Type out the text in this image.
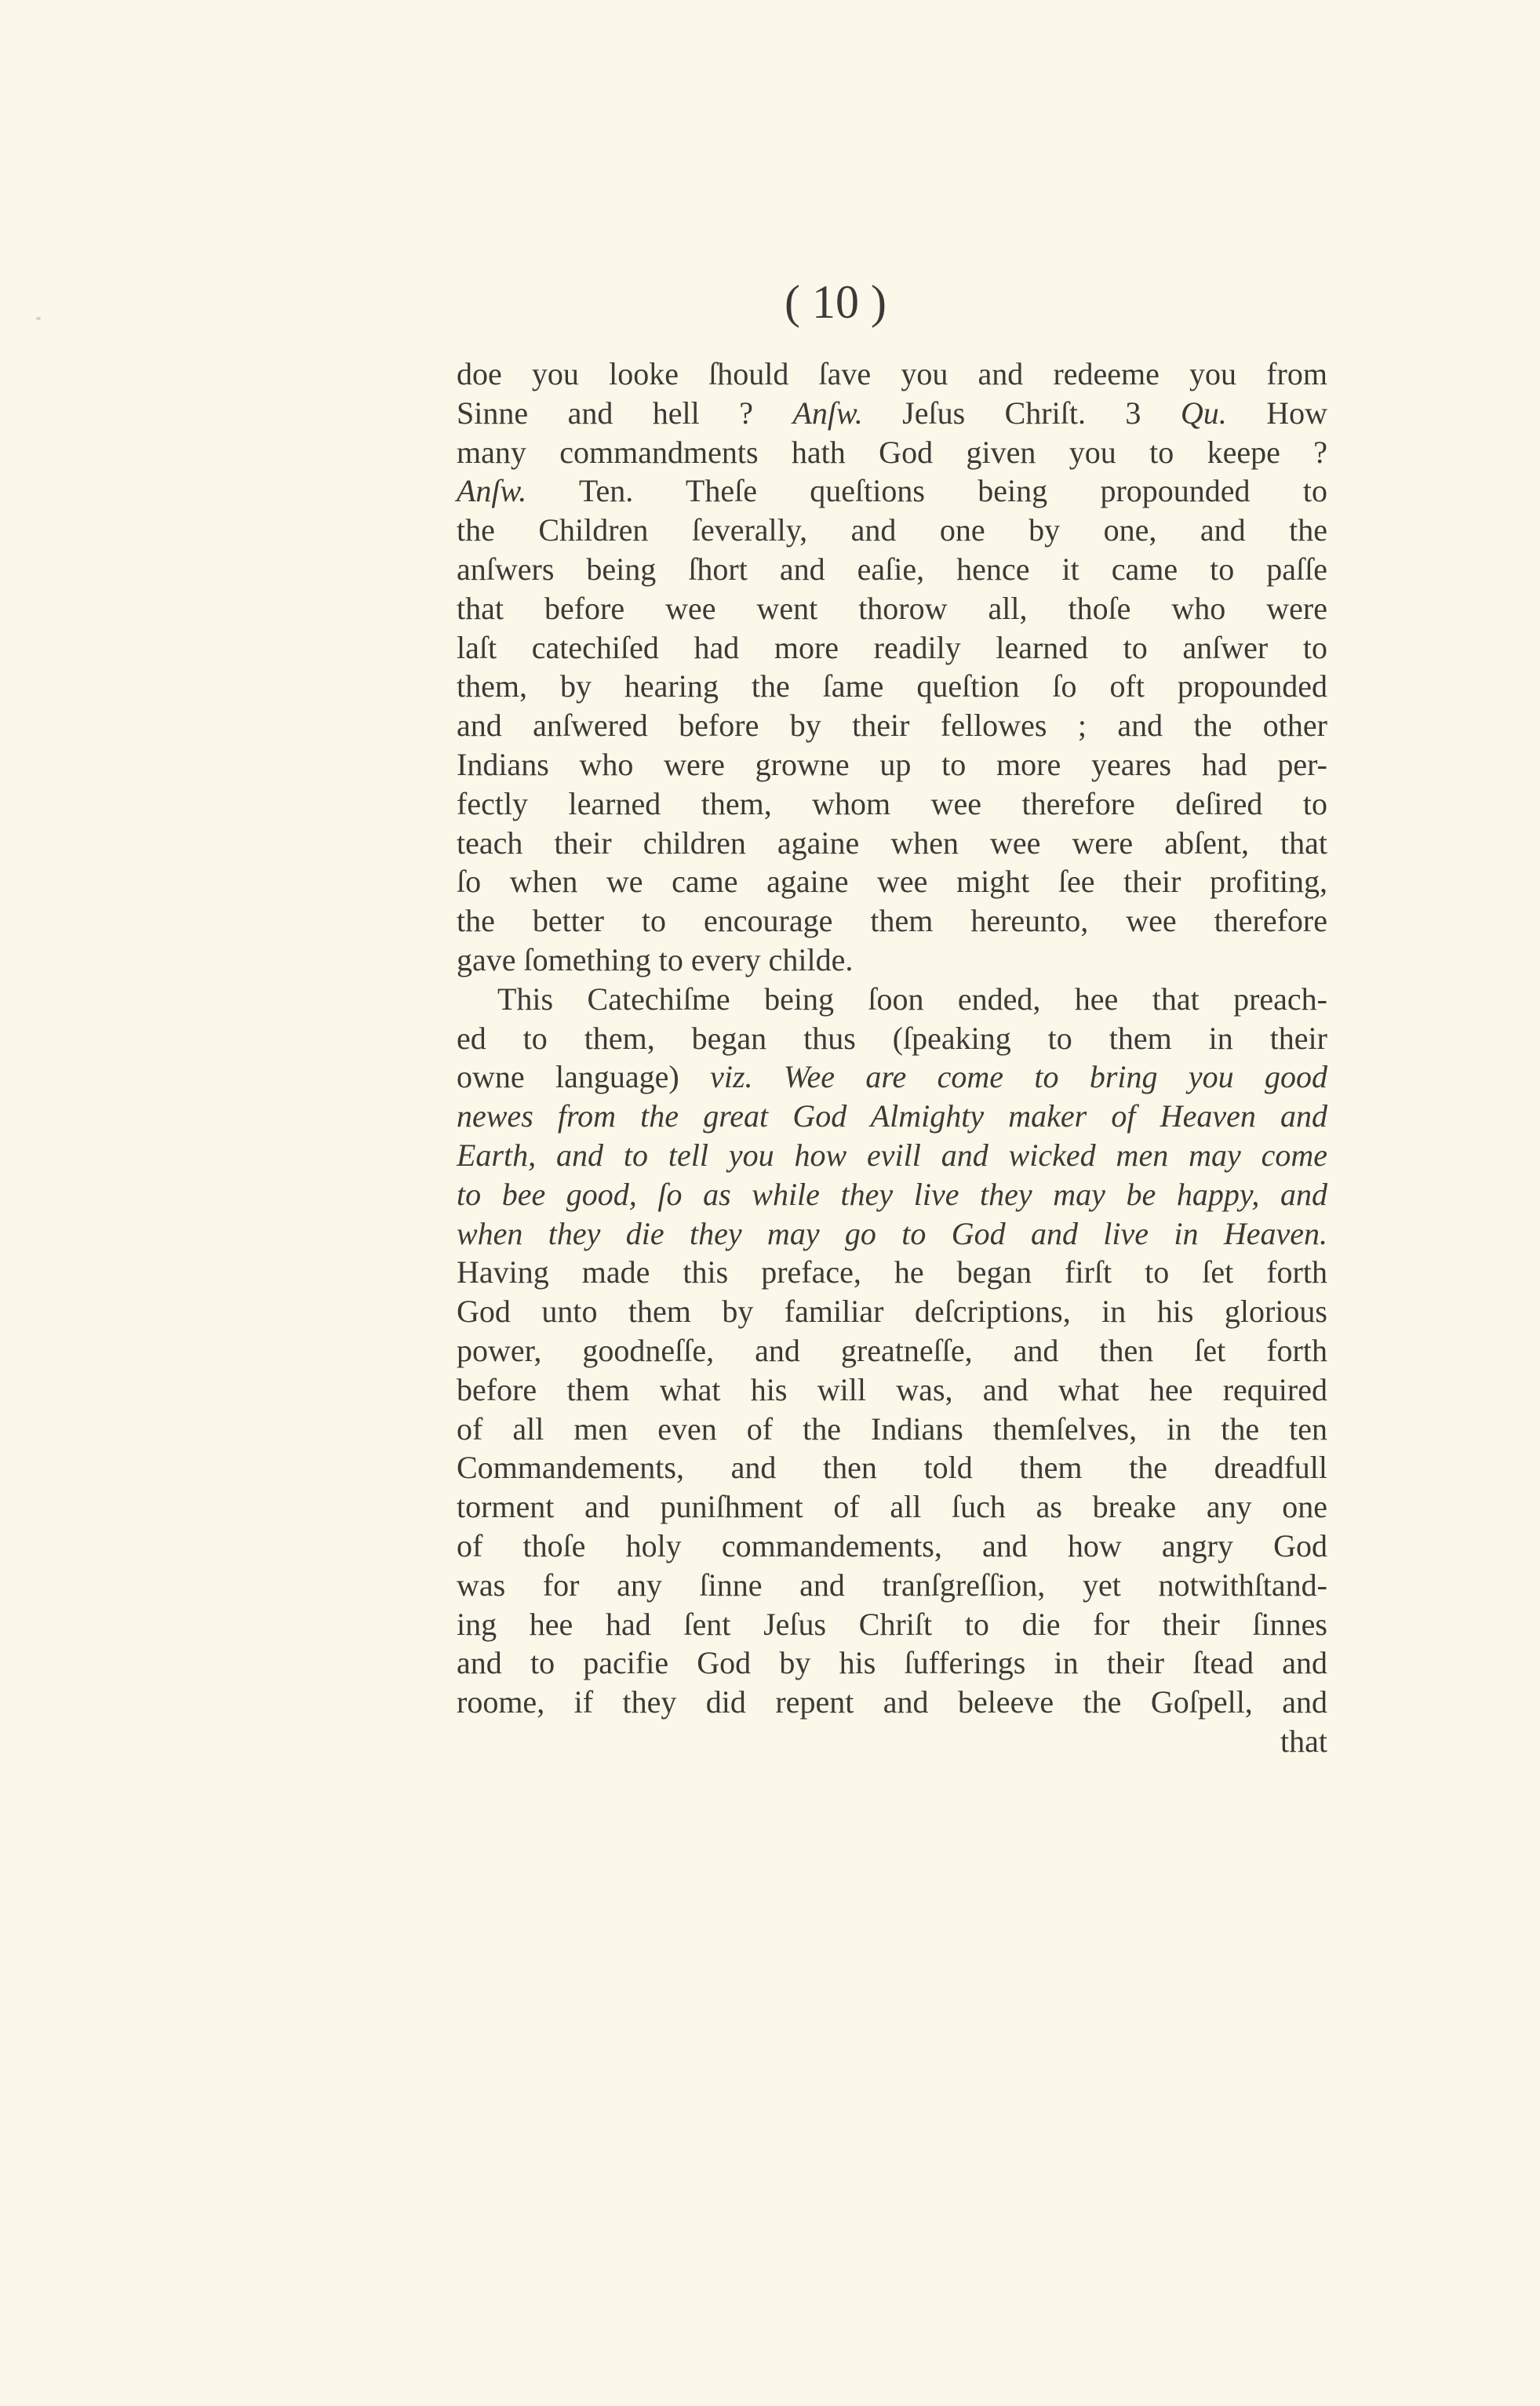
( 10 )
doe you looke ſhould ſave you and redeeme you from
Sinne and hell ? Anſw. Jeſus Chriſt. 3 Qu. How
many commandments hath God given you to keepe ?
Anſw. Ten. Theſe queſtions being propounded to
the Children ſeverally, and one by one, and the
anſwers being ſhort and eaſie, hence it came to paſſe
that before wee went thorow all, thoſe who were
laſt catechiſed had more readily learned to anſwer to
them, by hearing the ſame queſtion ſo oft propounded
and anſwered before by their fellowes ; and the other
Indians who were growne up to more yeares had per-
fectly learned them, whom wee therefore deſired to
teach their children againe when wee were abſent, that
ſo when we came againe wee might ſee their profiting,
the better to encourage them hereunto, wee therefore
gave ſomething to every childe.
This Catechiſme being ſoon ended, hee that preach-
ed to them, began thus (ſpeaking to them in their
owne language) viz. Wee are come to bring you good
newes from the great God Almighty maker of Heaven and
Earth, and to tell you how evill and wicked men may come
to bee good, ſo as while they live they may be happy, and
when they die they may go to God and live in Heaven.
Having made this preface, he began firſt to ſet forth
God unto them by familiar deſcriptions, in his glorious
power, goodneſſe, and greatneſſe, and then ſet forth
before them what his will was, and what hee required
of all men even of the Indians themſelves, in the ten
Commandements, and then told them the dreadfull
torment and puniſhment of all ſuch as breake any one
of thoſe holy commandements, and how angry God
was for any ſinne and tranſgreſſion, yet notwithſtand-
ing hee had ſent Jeſus Chriſt to die for their ſinnes
and to pacifie God by his ſufferings in their ſtead and
roome, if they did repent and beleeve the Goſpell, and
that
